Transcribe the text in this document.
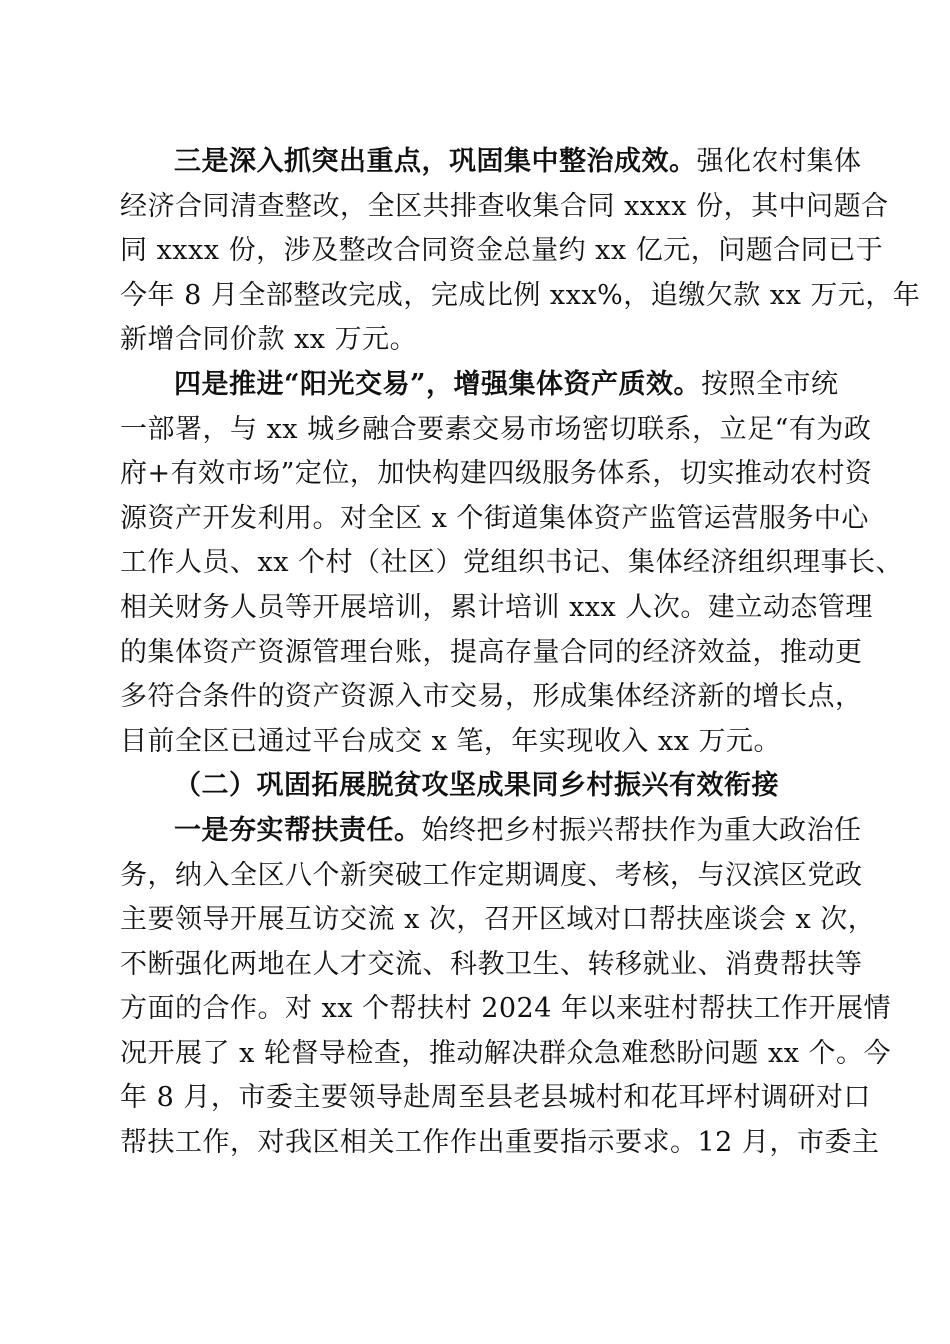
三是深入抓突出重点，巩固集中整治成效。强化农村集体
经济合同清查整改，全区共排查收集合同 xxxx 份，其中问题合
同 xxxx 份，涉及整改合同资金总量约 xx 亿元，问题合同已于
今年 8 月全部整改完成，完成比例 xxx%，追缴欠款 xx 万元，年
新增合同价款 xx 万元。

四是推进“阳光交易”，增强集体资产质效。按照全市统
一部署，与 xx 城乡融合要素交易市场密切联系，立足“有为政
府+有效市场”定位，加快构建四级服务体系，切实推动农村资
源资产开发利用。对全区 x 个街道集体资产监管运营服务中心
工作人员、xx 个村（社区）党组织书记、集体经济组织理事长、
相关财务人员等开展培训，累计培训 xxx 人次。建立动态管理
的集体资产资源管理台账，提高存量合同的经济效益，推动更
多符合条件的资产资源入市交易，形成集体经济新的增长点，
目前全区已通过平台成交 x 笔，年实现收入 xx 万元。

（二）巩固拓展脱贫攻坚成果同乡村振兴有效衔接

一是夯实帮扶责任。始终把乡村振兴帮扶作为重大政治任
务，纳入全区八个新突破工作定期调度、考核，与汉滨区党政
主要领导开展互访交流 x 次，召开区域对口帮扶座谈会 x 次，
不断强化两地在人才交流、科教卫生、转移就业、消费帮扶等
方面的合作。对 xx 个帮扶村 2024 年以来驻村帮扶工作开展情
况开展了 x 轮督导检查，推动解决群众急难愁盼问题 xx 个。今
年 8 月，市委主要领导赴周至县老县城村和花耳坪村调研对口
帮扶工作，对我区相关工作作出重要指示要求。12 月，市委主
